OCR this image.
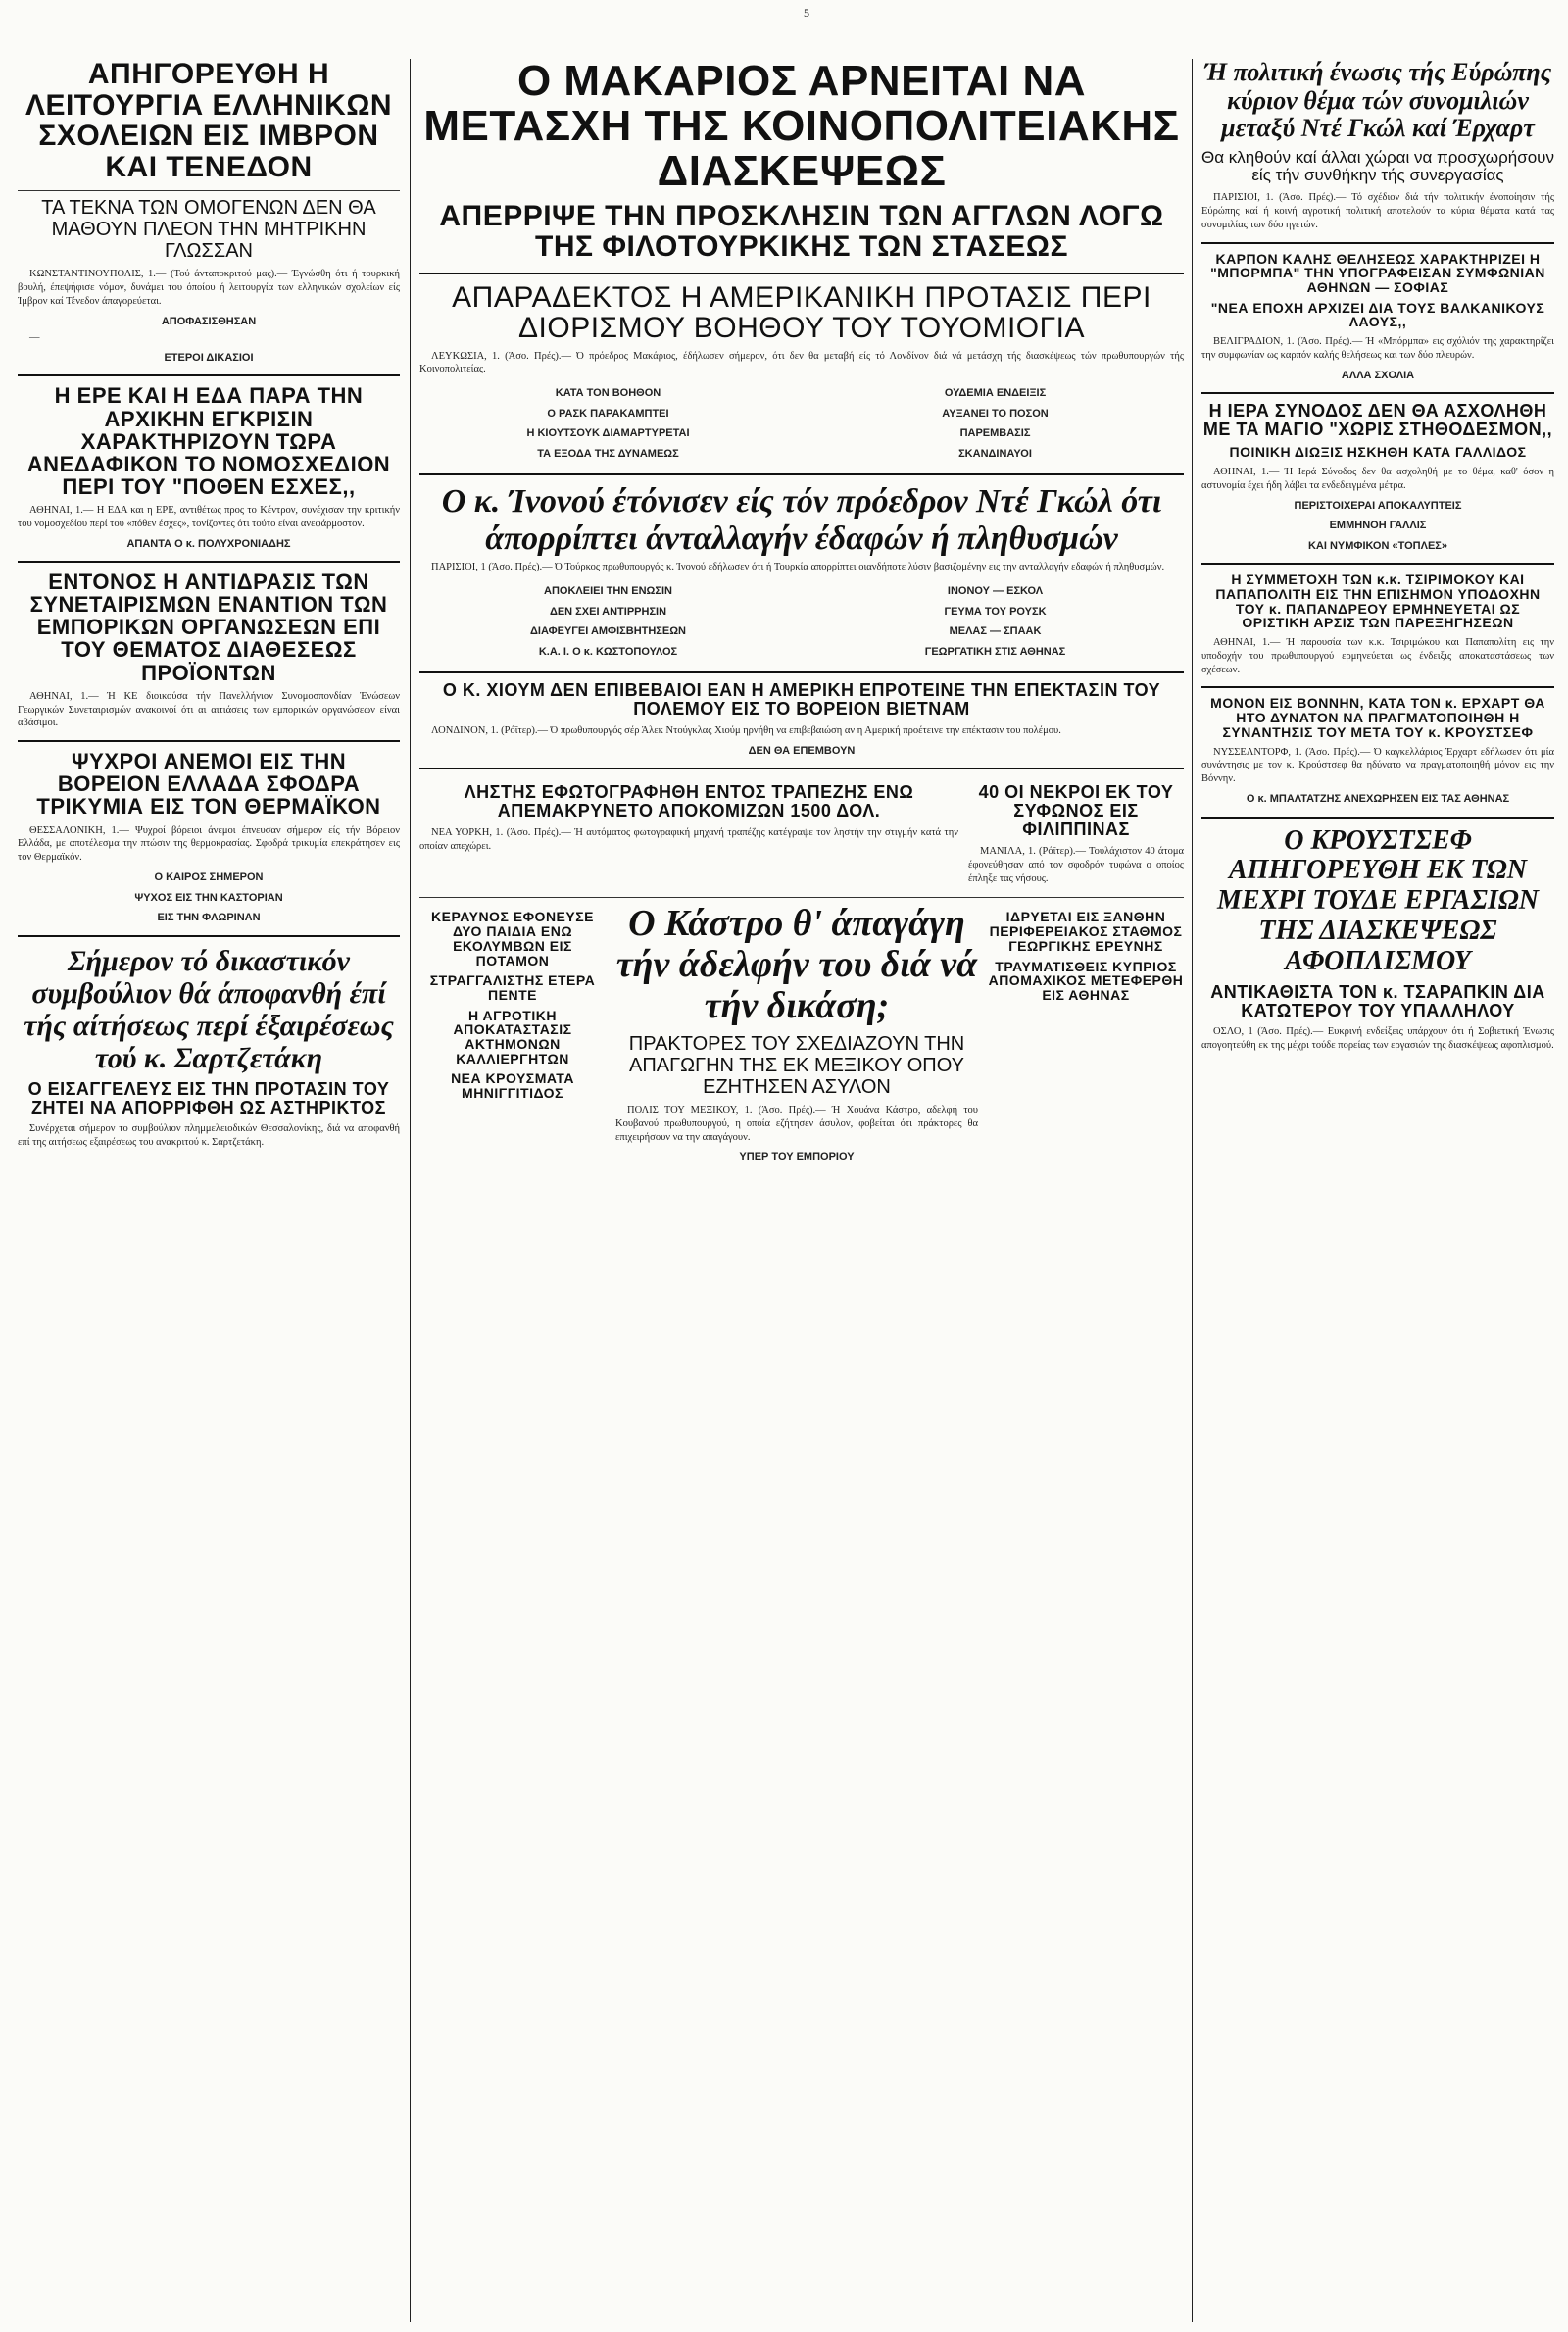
5
ΑΠΗΓΟΡΕΥΘΗ Η ΛΕΙΤΟΥΡΓΙΑ ΕΛΛΗΝΙΚΩΝ ΣΧΟΛΕΙΩΝ ΕΙΣ ΙΜΒΡΟΝ ΚΑΙ ΤΕΝΕΔΟΝ
ΤΑ ΤΕΚΝΑ ΤΩΝ ΟΜΟΓΕΝΩΝ ΔΕΝ ΘΑ ΜΑΘΟΥΝ ΠΛΕΟΝ ΤΗΝ ΜΗΤΡΙΚΗΝ ΓΛΩΣΣΑΝ

ΚΩΝΣΤΑΝΤΙΝΟΥΠΟΛΙΣ, 1.— (Τού άνταποκριτού μας).— Έγνώσθη ότι ή τουρκική βουλή, έπεψήφισε νόμον, δυνάμει του όποίου ή λειτουργία των ελληνικών σχολείων είς Ίμβρον καί Τένεδον άπαγορεύεται.

ΑΠΟΦΑΣΙΣΘΗΣΑΝ

—

ΕΤΕΡΟΙ ΔΙΚΑΣΙΟΙ
Η ΕΡΕ ΚΑΙ Η ΕΔΑ ΠΑΡΑ ΤΗΝ ΑΡΧΙΚΗΝ ΕΓΚΡΙΣΙΝ ΧΑΡΑΚΤΗΡΙΖΟΥΝ ΤΩΡΑ ΑΝΕΔΑΦΙΚΟΝ ΤΟ ΝΟΜΟΣΧΕΔΙΟΝ ΠΕΡΙ ΤΟΥ "ΠΟΘΕΝ ΕΣΧΕΣ,,

ΑΘΗΝΑΙ, 1.— Η ΕΔΑ και η ΕΡΕ, αντιθέτως προς το Κέντρον, συνέχισαν την κριτικήν του νομοσχεδίου περί του «πόθεν έσχες», τονίζοντες ότι τούτο είναι ανεφάρμοστον.

ΑΠΑΝΤΑ Ο κ. ΠΟΛΥΧΡΟΝΙΑΔΗΣ
ΕΝΤΟΝΟΣ Η ΑΝΤΙΔΡΑΣΙΣ ΤΩΝ ΣΥΝΕΤΑΙΡΙΣΜΩΝ ΕΝΑΝΤΙΟΝ ΤΩΝ ΕΜΠΟΡΙΚΩΝ ΟΡΓΑΝΩΣΕΩΝ ΕΠΙ ΤΟΥ ΘΕΜΑΤΟΣ ΔΙΑΘΕΣΕΩΣ ΠΡΟΪΟΝΤΩΝ

ΑΘΗΝΑΙ, 1.— Ή ΚΕ διοικούσα τήν Πανελλήνιον Συνομοσπονδίαν Ένώσεων Γεωργικών Συνεταιρισμών ανακοινοί ότι αι αιτιάσεις των εμπορικών οργανώσεων είναι αβάσιμοι.

ΨΥΧΡΟΙ ΑΝΕΜΟΙ ΕΙΣ ΤΗΝ ΒΟΡΕΙΟΝ ΕΛΛΑΔΑ ΣΦΟΔΡΑ ΤΡΙΚΥΜΙΑ ΕΙΣ ΤΟΝ ΘΕΡΜΑΪΚΟΝ

ΘΕΣΣΑΛΟΝΙΚΗ, 1.— Ψυχροί βόρειοι άνεμοι έπνευσαν σήμερον είς τήν Βόρειον Ελλάδα, με αποτέλεσμα την πτώσιν της θερμοκρασίας. Σφοδρά τρικυμία επεκράτησεν εις τον Θερμαϊκόν.

Ο ΚΑΙΡΟΣ ΣΗΜΕΡΟΝ
ΨΥΧΟΣ ΕΙΣ ΤΗΝ ΚΑΣΤΟΡΙΑΝ
ΕΙΣ ΤΗΝ ΦΛΩΡΙΝΑΝ
Σήμερον τό δικαστικόν συμβούλιον θά άποφανθή έπί τής αίτήσεως περί έξαιρέσεως τού κ. Σαρτζετάκη
Ο ΕΙΣΑΓΓΕΛΕΥΣ ΕΙΣ ΤΗΝ ΠΡΟΤΑΣΙΝ ΤΟΥ ΖΗΤΕΙ ΝΑ ΑΠΟΡΡΙΦΘΗ ΩΣ ΑΣΤΗΡΙΚΤΟΣ

Συνέρχεται σήμερον το συμβούλιον πλημμελειοδικών Θεσσαλονίκης, διά να αποφανθή επί της αιτήσεως εξαιρέσεως του ανακριτού κ. Σαρτζετάκη.

Ο ΜΑΚΑΡΙΟΣ ΑΡΝΕΙΤΑΙ ΝΑ ΜΕΤΑΣΧΗ ΤΗΣ ΚΟΙΝΟΠΟΛΙΤΕΙΑΚΗΣ ΔΙΑΣΚΕΨΕΩΣ
ΑΠΕΡΡΙΨΕ ΤΗΝ ΠΡΟΣΚΛΗΣΙΝ ΤΩΝ ΑΓΓΛΩΝ ΛΟΓΩ ΤΗΣ ΦΙΛΟΤΟΥΡΚΙΚΗΣ ΤΩΝ ΣΤΑΣΕΩΣ
ΑΠΑΡΑΔΕΚΤΟΣ Η ΑΜΕΡΙΚΑΝΙΚΗ ΠΡΟΤΑΣΙΣ ΠΕΡΙ ΔΙΟΡΙΣΜΟΥ ΒΟΗΘΟΥ ΤΟΥ ΤΟΥΟΜΙΟΓΙΑ

ΛΕΥΚΩΣΙΑ, 1. (Άσο. Πρές).— Ό πρόεδρος Μακάριος, έδήλωσεν σήμερον, ότι δεν θα μεταβή είς τό Λονδίνον διά νά μετάσχη τής διασκέψεως τών πρωθυπουργών τής Κοινοπολιτείας.

ΚΑΤΑ ΤΟΝ ΒΟΗΘΟΝ
Ο ΡΑΣΚ ΠΑΡΑΚΑΜΠΤΕΙ
Η ΚΙΟΥΤΣΟΥΚ ΔΙΑΜΑΡΤΥΡΕΤΑΙ
ΤΑ ΕΞΟΔΑ ΤΗΣ ΔΥΝΑΜΕΩΣ
ΟΥΔΕΜΙΑ ΕΝΔΕΙΞΙΣ
ΑΥΞΑΝΕΙ ΤΟ ΠΟΣΟΝ
ΠΑΡΕΜΒΑΣΙΣ
ΣΚΑΝΔΙΝΑΥΟΙ
Ο κ. Ίνονού έτόνισεν είς τόν πρόεδρον Ντέ Γκώλ ότι άπορρίπτει άνταλλαγήν έδαφών ή πληθυσμών

ΠΑΡΙΣΙΟΙ, 1 (Άσο. Πρές).— Ό Τούρκος πρωθυπουργός κ. Ίνονού εδήλωσεν ότι ή Τουρκία απορρίπτει οιανδήποτε λύσιν βασιζομένην εις την ανταλλαγήν εδαφών ή πληθυσμών.

ΑΠΟΚΛΕΙΕΙ ΤΗΝ ΕΝΩΣΙΝ
ΔΕΝ ΣΧΕΙ ΑΝΤΙΡΡΗΣΙΝ
ΔΙΑΦΕΥΓΕΙ ΑΜΦΙΣΒΗΤΗΣΕΩΝ
Κ.Α. Ι. Ο κ. ΚΩΣΤΟΠΟΥΛΟΣ
ΙΝΟΝΟΥ — ΕΣΚΟΛ
ΓΕΥΜΑ ΤΟΥ ΡΟΥΣΚ
ΜΕΛΑΣ — ΣΠΑΑΚ
ΓΕΩΡΓΑΤΙΚΗ ΣΤΙΣ ΑΘΗΝΑΣ
Ο Κ. ΧΙΟΥΜ ΔΕΝ ΕΠΙΒΕΒΑΙΟΙ ΕΑΝ Η ΑΜΕΡΙΚΗ ΕΠΡΟΤΕΙΝΕ ΤΗΝ ΕΠΕΚΤΑΣΙΝ ΤΟΥ ΠΟΛΕΜΟΥ ΕΙΣ ΤΟ ΒΟΡΕΙΟΝ ΒΙΕΤΝΑΜ

ΛΟΝΔΙΝΟΝ, 1. (Ρόϊτερ).— Ό πρωθυπουργός σέρ Άλεκ Ντούγκλας Χιούμ ηρνήθη να επιβεβαιώση αν η Αμερική προέτεινε την επέκτασιν του πολέμου.

ΔΕΝ ΘΑ ΕΠΕΜΒΟΥΝ
ΛΗΣΤΗΣ ΕΦΩΤΟΓΡΑΦΗΘΗ ΕΝΤΟΣ ΤΡΑΠΕΖΗΣ ΕΝΩ ΑΠΕΜΑΚΡΥΝΕΤΟ ΑΠΟΚΟΜΙΖΩΝ 1500 ΔΟΛ.

ΝΕΑ ΥΟΡΚΗ, 1. (Άσο. Πρές).— Ή αυτόματος φωτογραφική μηχανή τραπέζης κατέγραψε τον ληστήν την στιγμήν κατά την οποίαν απεχώρει.

40 ΟΙ ΝΕΚΡΟΙ ΕΚ ΤΟΥ ΣΥΦΩΝΟΣ ΕΙΣ ΦΙΛΙΠΠΙΝΑΣ

ΜΑΝΙΛΑ, 1. (Ρόϊτερ).— Τουλάχιστον 40 άτομα έφονεύθησαν από τον σφοδρόν τυφώνα ο οποίος έπληξε τας νήσους.

ΚΕΡΑΥΝΟΣ ΕΦΟΝΕΥΣΕ ΔΥΟ ΠΑΙΔΙΑ ΕΝΩ ΕΚΟΛΥΜΒΩΝ ΕΙΣ ΠΟΤΑΜΟΝ
ΣΤΡΑΓΓΑΛΙΣΤΗΣ ΕΤΕΡΑ ΠΕΝΤΕ
Η ΑΓΡΟΤΙΚΗ ΑΠΟΚΑΤΑΣΤΑΣΙΣ ΑΚΤΗΜΟΝΩΝ ΚΑΛΛΙΕΡΓΗΤΩΝ
ΝΕΑ ΚΡΟΥΣΜΑΤΑ ΜΗΝΙΓΓΙΤΙΔΟΣ
Ο Κάστρο θ' άπαγάγη τήν άδελφήν του διά νά τήν δικάση;
ΠΡΑΚΤΟΡΕΣ ΤΟΥ ΣΧΕΔΙΑΖΟΥΝ ΤΗΝ ΑΠΑΓΩΓΗΝ ΤΗΣ ΕΚ ΜΕΞΙΚΟΥ ΟΠΟΥ ΕΖΗΤΗΣΕΝ ΑΣΥΛΟΝ

ΠΟΛΙΣ ΤΟΥ ΜΕΞΙΚΟΥ, 1. (Άσο. Πρές).— Ή Χουάνα Κάστρο, αδελφή του Κουβανού πρωθυπουργού, η οποία εζήτησεν άσυλον, φοβείται ότι πράκτορες θα επιχειρήσουν να την απαγάγουν.

ΥΠΕΡ ΤΟΥ ΕΜΠΟΡΙΟΥ
ΙΔΡΥΕΤΑΙ ΕΙΣ ΞΑΝΘΗΝ ΠΕΡΙΦΕΡΕΙΑΚΟΣ ΣΤΑΘΜΟΣ ΓΕΩΡΓΙΚΗΣ ΕΡΕΥΝΗΣ
ΤΡΑΥΜΑΤΙΣΘΕΙΣ ΚΥΠΡΙΟΣ ΑΠΟΜΑΧΙΚΟΣ ΜΕΤΕΦΕΡΘΗ ΕΙΣ ΑΘΗΝΑΣ
Ή πολιτική ένωσις τής Εύρώπης κύριον θέμα τών συνομιλιών μεταξύ Ντέ Γκώλ καί Έρχαρτ
Θα κληθούν καί άλλαι χώραι να προσχωρήσουν είς τήν συνθήκην τής συνεργασίας

ΠΑΡΙΣΙΟΙ, 1. (Άσο. Πρές).— Τό σχέδιον διά τήν πολιτικήν ένοποίησιν τής Εύρώπης καί ή κοινή αγροτική πολιτική αποτελούν τα κύρια θέματα κατά τας συνομιλίας των δύο ηγετών.

ΚΑΡΠΟΝ ΚΑΛΗΣ ΘΕΛΗΣΕΩΣ ΧΑΡΑΚΤΗΡΙΖΕΙ Η "ΜΠΟΡΜΠΑ" ΤΗΝ ΥΠΟΓΡΑΦΕΙΣΑΝ ΣΥΜΦΩΝΙΑΝ ΑΘΗΝΩΝ — ΣΟΦΙΑΣ
"ΝΕΑ ΕΠΟΧΗ ΑΡΧΙΖΕΙ ΔΙΑ ΤΟΥΣ ΒΑΛΚΑΝΙΚΟΥΣ ΛΑΟΥΣ,,

ΒΕΛΙΓΡΑΔΙΟΝ, 1. (Άσο. Πρές).— Ή «Μπόρμπα» εις σχόλιόν της χαρακτηρίζει την συμφωνίαν ως καρπόν καλής θελήσεως και των δύο πλευρών.

ΑΛΛΑ ΣΧΟΛΙΑ
Η ΙΕΡΑ ΣΥΝΟΔΟΣ ΔΕΝ ΘΑ ΑΣΧΟΛΗΘΗ ΜΕ ΤΑ ΜΑΓΙΟ "ΧΩΡΙΣ ΣΤΗΘΟΔΕΣΜΟΝ,,
ΠΟΙΝΙΚΗ ΔΙΩΞΙΣ ΗΣΚΗΘΗ ΚΑΤΑ ΓΑΛΛΙΔΟΣ

ΑΘΗΝΑΙ, 1.— Ή Ιερά Σύνοδος δεν θα ασχοληθή με το θέμα, καθ' όσον η αστυνομία έχει ήδη λάβει τα ενδεδειγμένα μέτρα.

ΠΕΡΙΣΤΟΙΧΕΡΑΙ ΑΠΟΚΑΛΥΠΤΕΙΣ
ΕΜΜΗΝΟΗ ΓΑΛΛΙΣ
ΚΑΙ ΝΥΜΦΙΚΟΝ «ΤΟΠΛΕΣ»
Η ΣΥΜΜΕΤΟΧΗ ΤΩΝ κ.κ. ΤΣΙΡΙΜΟΚΟΥ ΚΑΙ ΠΑΠΑΠΟΛΙΤΗ ΕΙΣ ΤΗΝ ΕΠΙΣΗΜΟΝ ΥΠΟΔΟΧΗΝ ΤΟΥ κ. ΠΑΠΑΝΔΡΕΟΥ ΕΡΜΗΝΕΥΕΤΑΙ ΩΣ ΟΡΙΣΤΙΚΗ ΑΡΣΙΣ ΤΩΝ ΠΑΡΕΞΗΓΗΣΕΩΝ

ΑΘΗΝΑΙ, 1.— Ή παρουσία των κ.κ. Τσιριμώκου και Παπαπολίτη εις την υποδοχήν του πρωθυπουργού ερμηνεύεται ως ένδειξις αποκαταστάσεως των σχέσεων.

ΜΟΝΟΝ ΕΙΣ ΒΟΝΝΗΝ, ΚΑΤΑ ΤΟΝ κ. ΕΡΧΑΡΤ ΘΑ ΗΤΟ ΔΥΝΑΤΟΝ ΝΑ ΠΡΑΓΜΑΤΟΠΟΙΗΘΗ Η ΣΥΝΑΝΤΗΣΙΣ ΤΟΥ ΜΕΤΑ ΤΟΥ κ. ΚΡΟΥΣΤΣΕΦ

ΝΥΣΣΕΛΝΤΟΡΦ, 1. (Άσο. Πρές).— Ό καγκελλάριος Έρχαρτ εδήλωσεν ότι μία συνάντησις με τον κ. Κρούστσεφ θα ηδύνατο να πραγματοποιηθή μόνον εις την Βόννην.

Ο κ. ΜΠΑΛΤΑΤΖΗΣ ΑΝΕΧΩΡΗΣΕΝ ΕΙΣ ΤΑΣ ΑΘΗΝΑΣ
Ο ΚΡΟΥΣΤΣΕΦ ΑΠΗΓΟΡΕΥΘΗ ΕΚ ΤΩΝ ΜΕΧΡΙ ΤΟΥΔΕ ΕΡΓΑΣΙΩΝ ΤΗΣ ΔΙΑΣΚΕΨΕΩΣ ΑΦΟΠΛΙΣΜΟΥ
ΑΝΤΙΚΑΘΙΣΤΑ ΤΟΝ κ. ΤΣΑΡΑΠΚΙΝ ΔΙΑ ΚΑΤΩΤΕΡΟΥ ΤΟΥ ΥΠΑΛΛΗΛΟΥ

ΟΣΛΟ, 1 (Άσο. Πρές).— Ευκρινή ενδείξεις υπάρχουν ότι ή Σοβιετική Ένωσις απογοητεύθη εκ της μέχρι τούδε πορείας των εργασιών της διασκέψεως αφοπλισμού.
